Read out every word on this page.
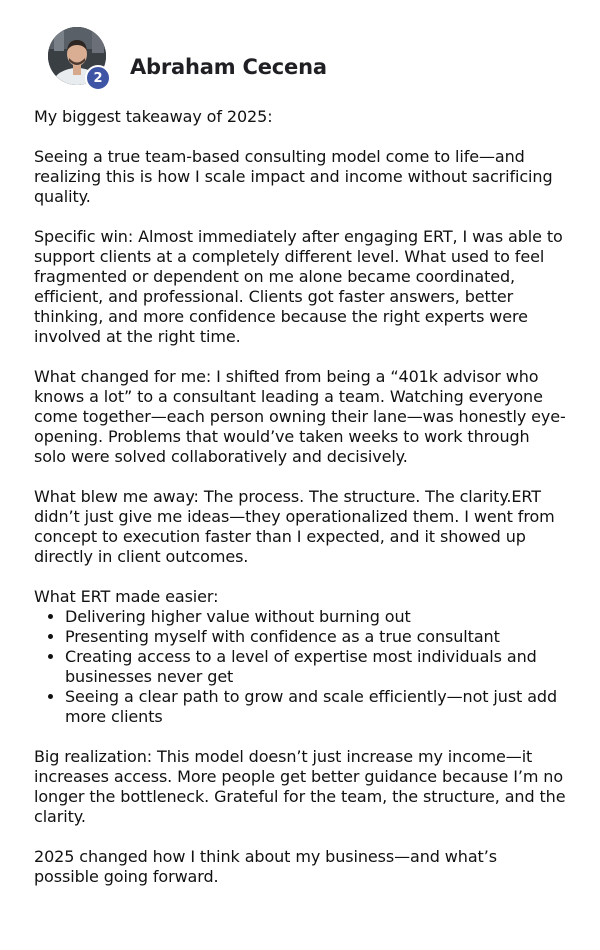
2	Abraham Cecena

My biggest takeaway of 2025:

Seeing a true team-based consulting model come to life—and realizing this is how I scale impact and income without sacrificing quality.

Specific win: Almost immediately after engaging ERT, I was able to support clients at a completely different level. What used to feel fragmented or dependent on me alone became coordinated, efficient, and professional. Clients got faster answers, better thinking, and more confidence because the right experts were involved at the right time.

What changed for me: I shifted from being a “401k advisor who knows a lot” to a consultant leading a team. Watching everyone come together—each person owning their lane—was honestly eye-opening. Problems that would’ve taken weeks to work through solo were solved collaboratively and decisively.

What blew me away: The process. The structure. The clarity.ERT didn’t just give me ideas—they operationalized them. I went from concept to execution faster than I expected, and it showed up directly in client outcomes.

What ERT made easier:

• Delivering higher value without burning out
• Presenting myself with confidence as a true consultant
• Creating access to a level of expertise most individuals and businesses never get
• Seeing a clear path to grow and scale efficiently—not just add more clients

Big realization: This model doesn’t just increase my income—it increases access. More people get better guidance because I’m no longer the bottleneck. Grateful for the team, the structure, and the clarity.

2025 changed how I think about my business—and what’s possible going forward.
